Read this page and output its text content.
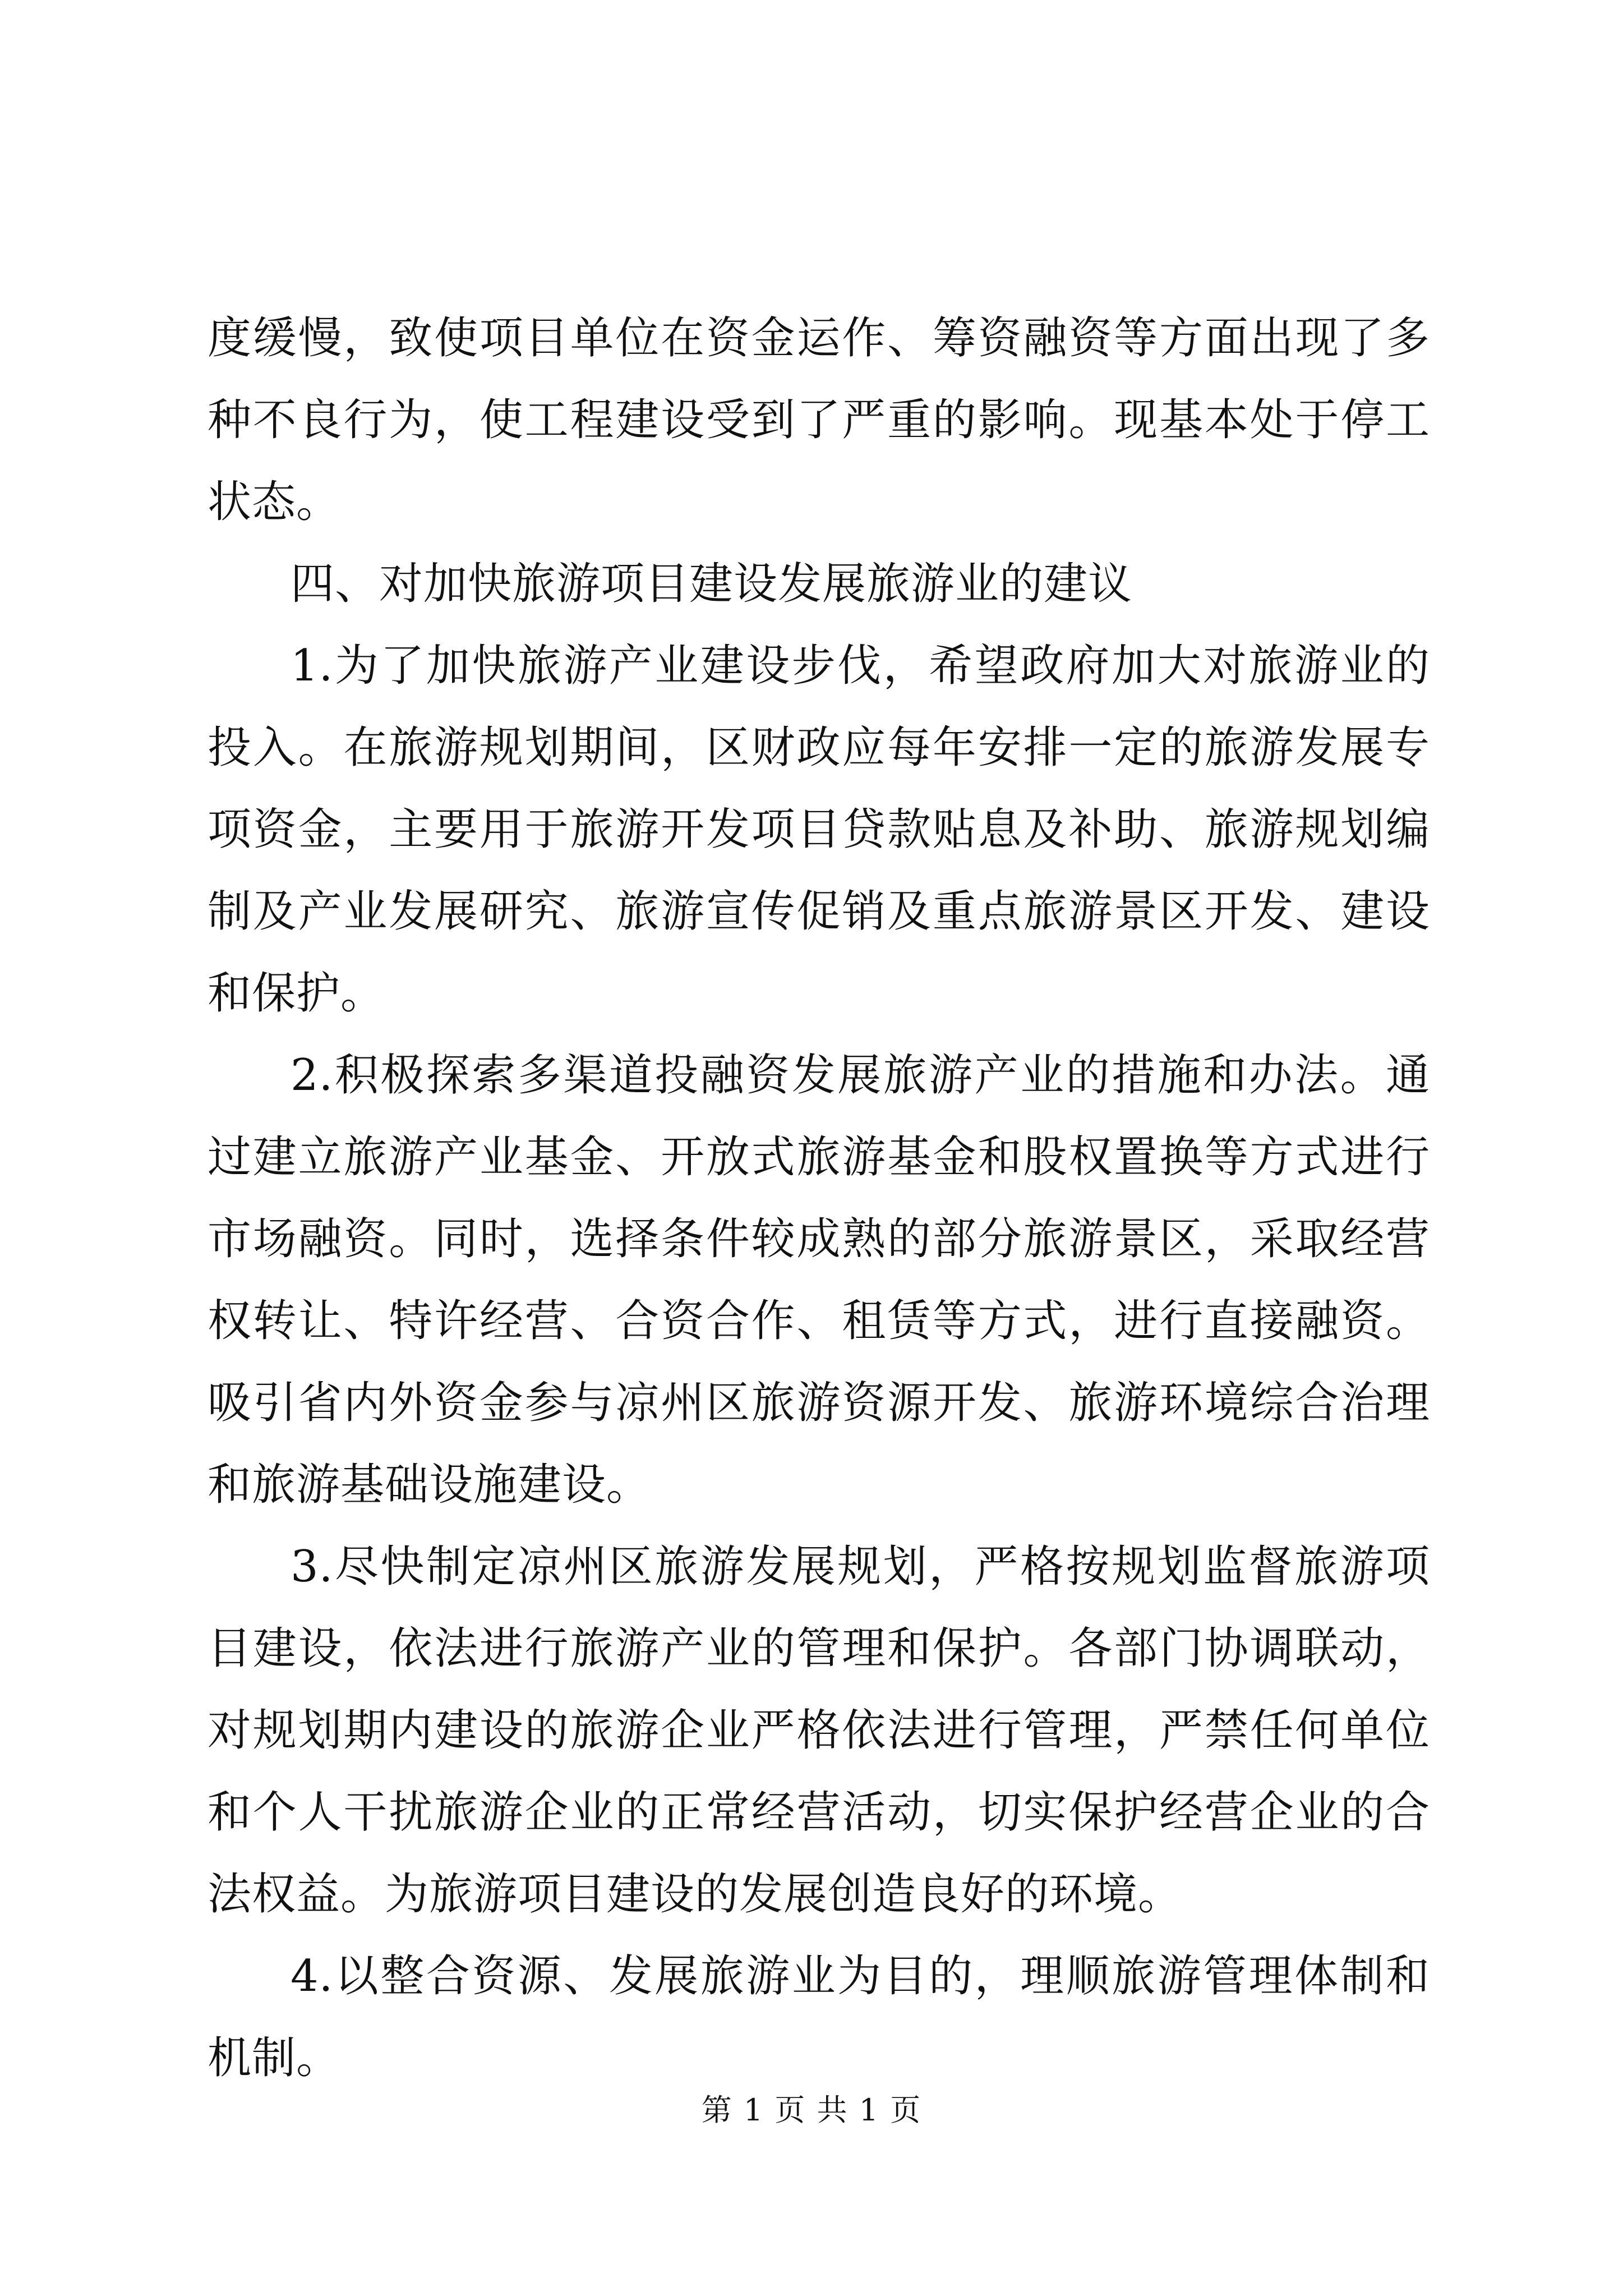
度缓慢，致使项目单位在资金运作、筹资融资等方面出现了多种不良行为，使工程建设受到了严重的影响。现基本处于停工状态。

四、对加快旅游项目建设发展旅游业的建议

1.为了加快旅游产业建设步伐，希望政府加大对旅游业的投入。在旅游规划期间，区财政应每年安排一定的旅游发展专项资金，主要用于旅游开发项目贷款贴息及补助、旅游规划编制及产业发展研究、旅游宣传促销及重点旅游景区开发、建设和保护。

2.积极探索多渠道投融资发展旅游产业的措施和办法。通过建立旅游产业基金、开放式旅游基金和股权置换等方式进行市场融资。同时，选择条件较成熟的部分旅游景区，采取经营权转让、特许经营、合资合作、租赁等方式，进行直接融资。吸引省内外资金参与凉州区旅游资源开发、旅游环境综合治理和旅游基础设施建设。

3.尽快制定凉州区旅游发展规划，严格按规划监督旅游项目建设，依法进行旅游产业的管理和保护。各部门协调联动，对规划期内建设的旅游企业严格依法进行管理，严禁任何单位和个人干扰旅游企业的正常经营活动，切实保护经营企业的合法权益。为旅游项目建设的发展创造良好的环境。

4.以整合资源、发展旅游业为目的，理顺旅游管理体制和机制。

第 1 页 共 1 页
